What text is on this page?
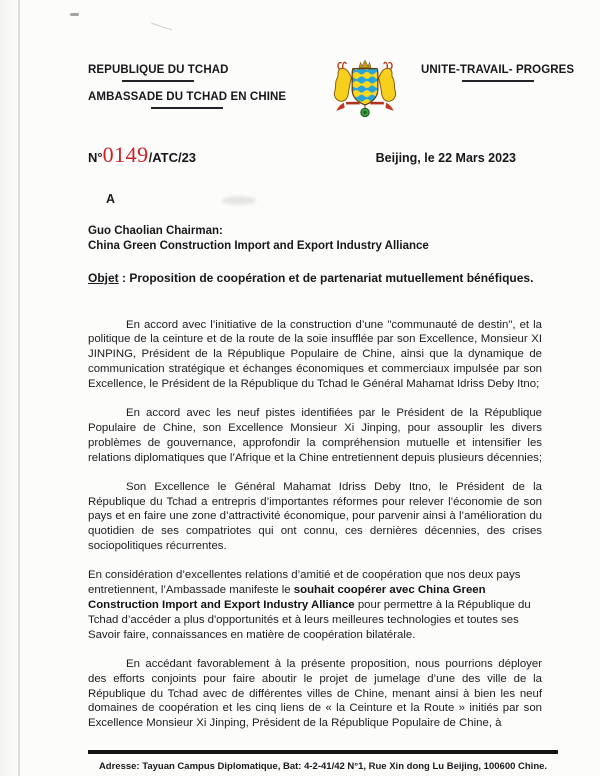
REPUBLIQUE DU TCHAD
AMBASSADE DU TCHAD EN CHINE
UNITE-TRAVAIL- PROGRES
N°0149/ATC/23	Beijing, le 22 Mars 2023
A
Guo Chaolian Chairman:
China Green Construction Import and Export Industry Alliance
Objet : Proposition de coopération et de partenariat mutuellement bénéfiques.

En accord avec l’initiative de la construction d’une "communauté de destin", et la politique de la ceinture et de la route de la soie insufflée par son Excellence, Monsieur XI JINPING, Président de la République Populaire de Chine, ainsi que la dynamique de communication stratégique et échanges économiques et commerciaux impulsée par son Excellence, le Président de la République du Tchad le Général Mahamat Idriss Deby Itno;

En accord avec les neuf pistes identifiées par le Président de la République Populaire de Chine, son Excellence Monsieur Xi Jinping, pour assouplir les divers problèmes de gouvernance, approfondir la compréhension mutuelle et intensifier les relations diplomatiques que l’Afrique et la Chine entretiennent depuis plusieurs décennies;

Son Excellence le Général Mahamat Idriss Deby Itno, le Président de la République du Tchad a entrepris d’importantes réformes pour relever l’économie de son pays et en faire une zone d’attractivité économique, pour parvenir ainsi à l’amélioration du quotidien de ses compatriotes qui ont connu, ces dernières décennies, des crises sociopolitiques récurrentes.

En considération d’excellentes relations d’amitié et de coopération que nos deux pays entretiennent, l’Ambassade manifeste le souhait coopérer avec China Green Construction Import and Export Industry Alliance pour permettre à la République du Tchad d’accéder a plus d'opportunités et à leurs meilleures technologies et toutes ses Savoir faire, connaissances en matière de coopération bilatérale.

En accédant favorablement à la présente proposition, nous pourrions déployer des efforts conjoints pour faire aboutir le projet de jumelage d’une des ville de la République du Tchad avec de différentes villes de Chine, menant ainsi à bien les neuf domaines de coopération et les cinq liens de « la Ceinture et la Route » initiés par son Excellence Monsieur Xi Jinping, Président de la République Populaire de Chine, à

Adresse: Tayuan Campus Diplomatique, Bat: 4-2-41/42 N°1, Rue Xin dong Lu Beijing, 100600 Chine.
